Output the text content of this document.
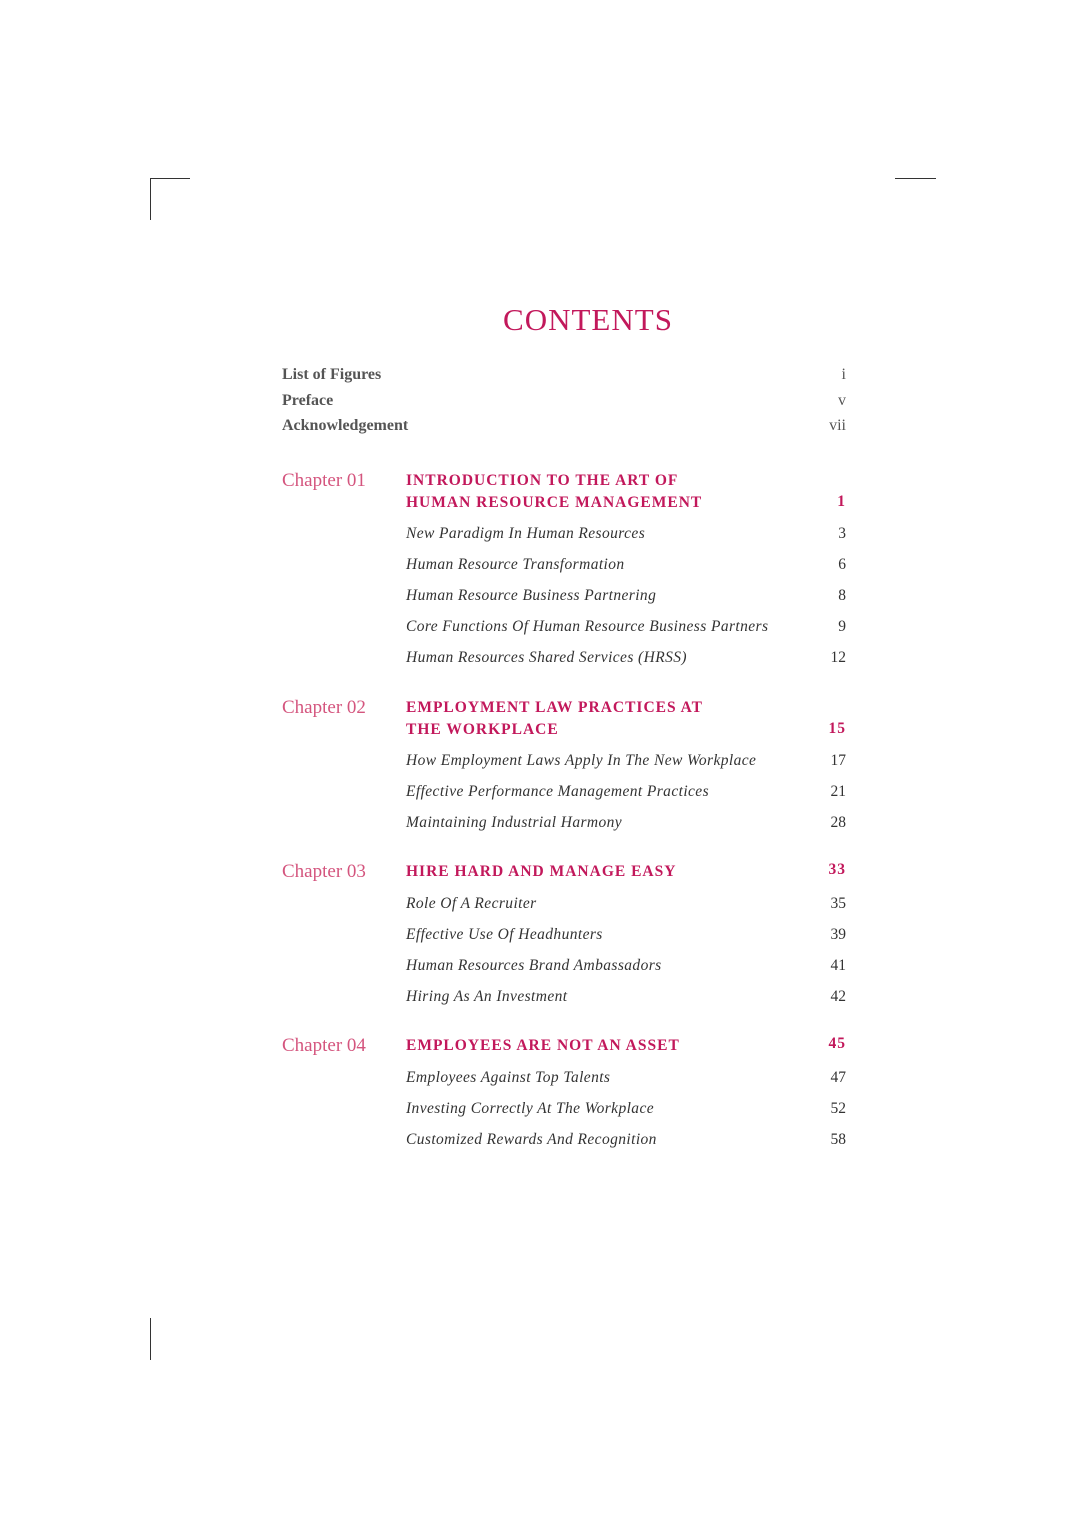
CONTENTS
List of Figures	i
Preface	v
Acknowledgement	vii
Chapter 01	INTRODUCTION TO THE ART OF
HUMAN RESOURCE MANAGEMENT	1
New Paradigm In Human Resources	3
Human Resource Transformation	6
Human Resource Business Partnering	8
Core Functions Of Human Resource Business Partners	9
Human Resources Shared Services (HRSS)	12
Chapter 02	EMPLOYMENT LAW PRACTICES AT
THE WORKPLACE	15
How Employment Laws Apply In The New Workplace	17
Effective Performance Management Practices	21
Maintaining Industrial Harmony	28
Chapter 03	HIRE HARD AND MANAGE EASY	33
Role Of A Recruiter	35
Effective Use Of Headhunters	39
Human Resources Brand Ambassadors	41
Hiring As An Investment	42
Chapter 04	EMPLOYEES ARE NOT AN ASSET	45
Employees Against Top Talents	47
Investing Correctly At The Workplace	52
Customized Rewards And Recognition	58
